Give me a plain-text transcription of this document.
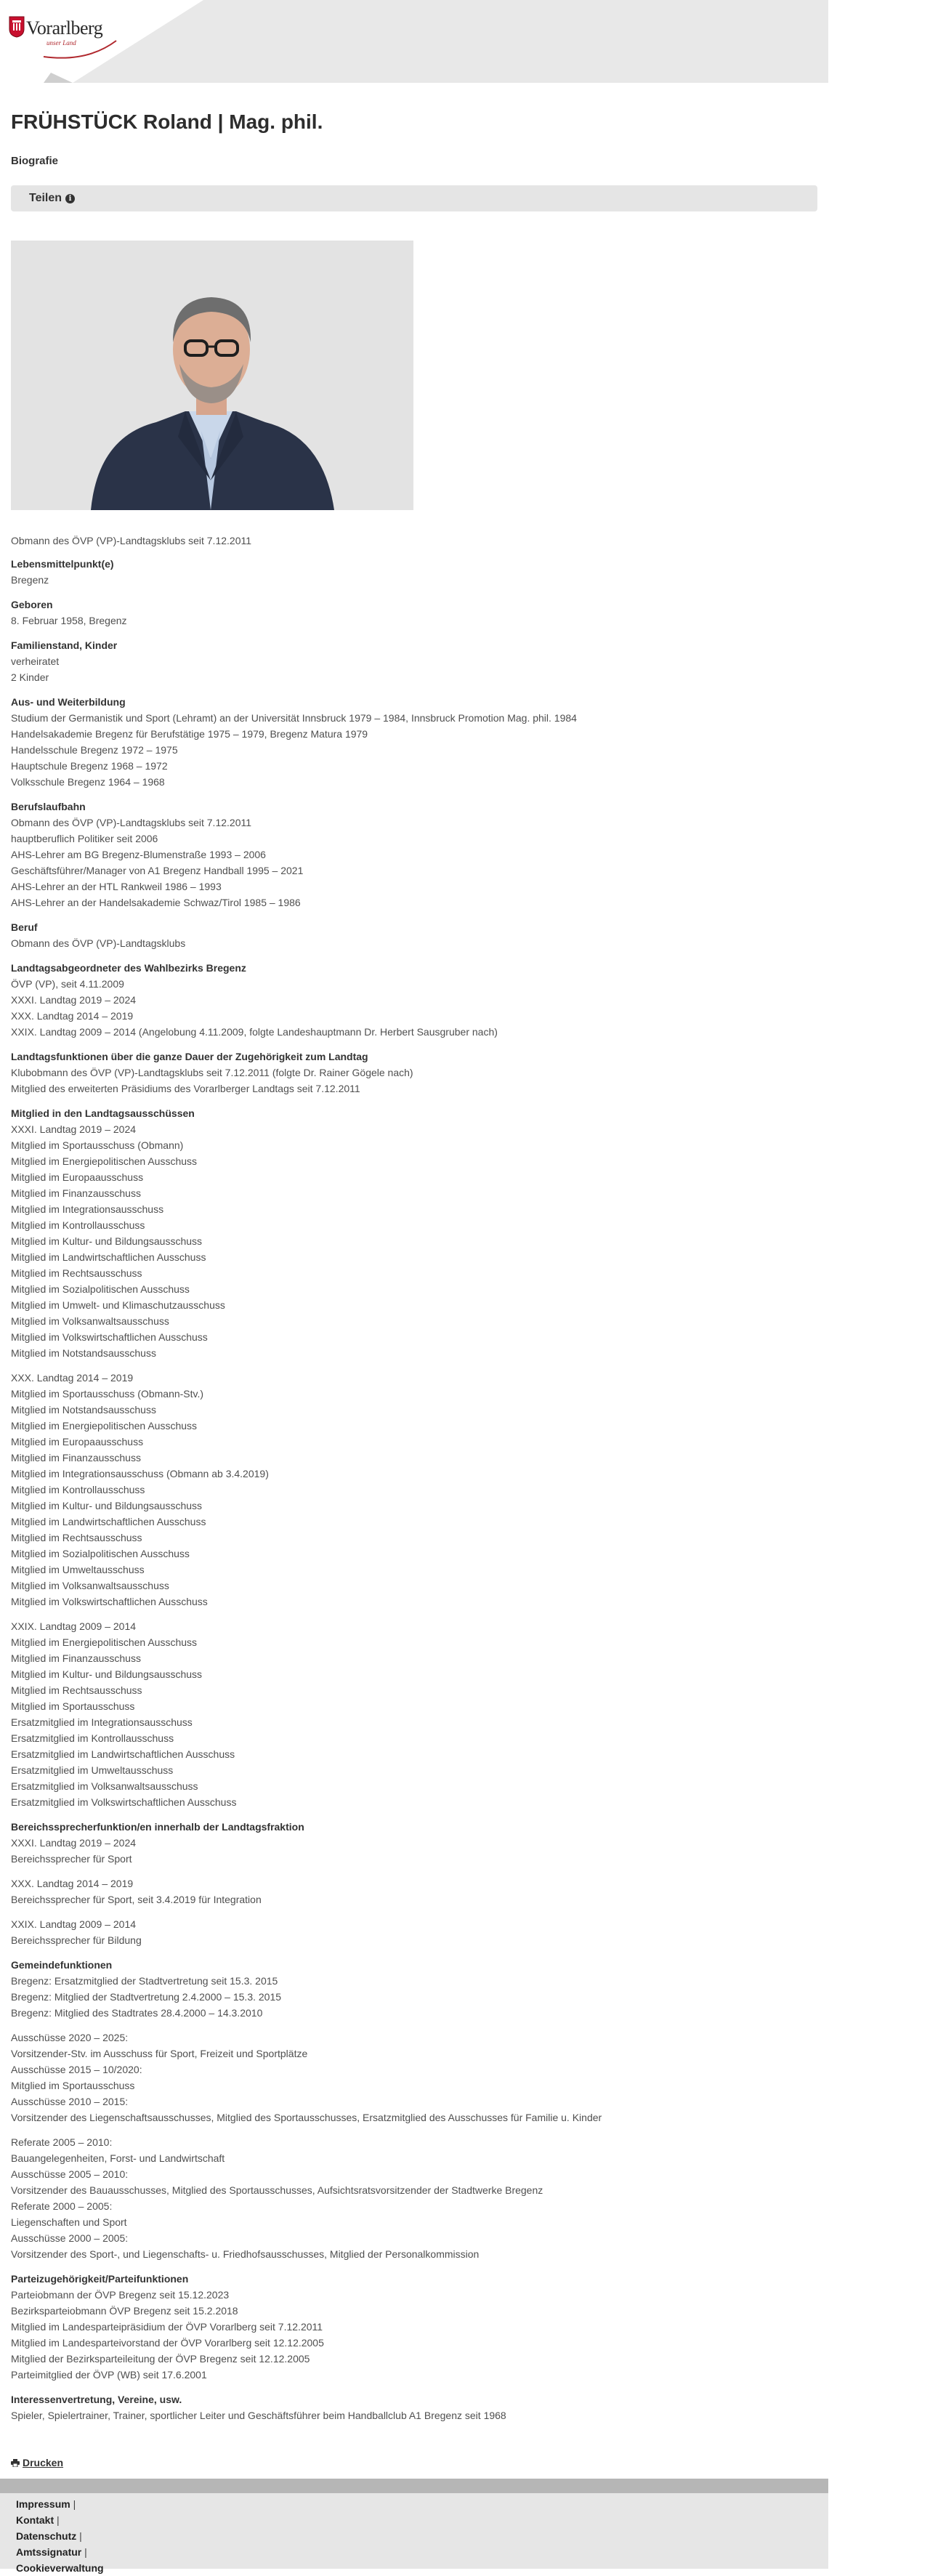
Vorarlberg
unser Land
FRÜHSTÜCK Roland | Mag. phil.
Biografie
Teilen i
Obmann des ÖVP (VP)-Landtagsklubs seit 7.12.2011
Lebensmittelpunkt(e)
Bregenz
Geboren
8. Februar 1958, Bregenz
Familienstand, Kinder
verheiratet
2 Kinder
Aus- und Weiterbildung
Studium der Germanistik und Sport (Lehramt) an der Universität Innsbruck 1979 – 1984, Innsbruck Promotion Mag. phil. 1984
Handelsakademie Bregenz für Berufstätige 1975 – 1979, Bregenz Matura 1979
Handelsschule Bregenz 1972 – 1975
Hauptschule Bregenz 1968 – 1972
Volksschule Bregenz 1964 – 1968
Berufslaufbahn
Obmann des ÖVP (VP)-Landtagsklubs seit 7.12.2011
hauptberuflich Politiker seit 2006
AHS-Lehrer am BG Bregenz-Blumenstraße 1993 – 2006
Geschäftsführer/Manager von A1 Bregenz Handball 1995 – 2021
AHS-Lehrer an der HTL Rankweil 1986 – 1993
AHS-Lehrer an der Handelsakademie Schwaz/Tirol 1985 – 1986
Beruf
Obmann des ÖVP (VP)-Landtagsklubs
Landtagsabgeordneter des Wahlbezirks Bregenz
ÖVP (VP), seit 4.11.2009
XXXI. Landtag 2019 – 2024
XXX. Landtag 2014 – 2019
XXIX. Landtag 2009 – 2014 (Angelobung 4.11.2009, folgte Landeshauptmann Dr. Herbert Sausgruber nach)
Landtagsfunktionen über die ganze Dauer der Zugehörigkeit zum Landtag
Klubobmann des ÖVP (VP)-Landtagsklubs seit 7.12.2011 (folgte Dr. Rainer Gögele nach)
Mitglied des erweiterten Präsidiums des Vorarlberger Landtags seit 7.12.2011
Mitglied in den Landtagsausschüssen
XXXI. Landtag 2019 – 2024
Mitglied im Sportausschuss (Obmann)
Mitglied im Energiepolitischen Ausschuss
Mitglied im Europaausschuss
Mitglied im Finanzausschuss
Mitglied im Integrationsausschuss
Mitglied im Kontrollausschuss
Mitglied im Kultur- und Bildungsausschuss
Mitglied im Landwirtschaftlichen Ausschuss
Mitglied im Rechtsausschuss
Mitglied im Sozialpolitischen Ausschuss
Mitglied im Umwelt- und Klimaschutzausschuss
Mitglied im Volksanwaltsausschuss
Mitglied im Volkswirtschaftlichen Ausschuss
Mitglied im Notstandsausschuss
XXX. Landtag 2014 – 2019
Mitglied im Sportausschuss (Obmann-Stv.)
Mitglied im Notstandsausschuss
Mitglied im Energiepolitischen Ausschuss
Mitglied im Europaausschuss
Mitglied im Finanzausschuss
Mitglied im Integrationsausschuss (Obmann ab 3.4.2019)
Mitglied im Kontrollausschuss
Mitglied im Kultur- und Bildungsausschuss
Mitglied im Landwirtschaftlichen Ausschuss
Mitglied im Rechtsausschuss
Mitglied im Sozialpolitischen Ausschuss
Mitglied im Umweltausschuss
Mitglied im Volksanwaltsausschuss
Mitglied im Volkswirtschaftlichen Ausschuss
XXIX. Landtag 2009 – 2014
Mitglied im Energiepolitischen Ausschuss
Mitglied im Finanzausschuss
Mitglied im Kultur- und Bildungsausschuss
Mitglied im Rechtsausschuss
Mitglied im Sportausschuss
Ersatzmitglied im Integrationsausschuss
Ersatzmitglied im Kontrollausschuss
Ersatzmitglied im Landwirtschaftlichen Ausschuss
Ersatzmitglied im Umweltausschuss
Ersatzmitglied im Volksanwaltsausschuss
Ersatzmitglied im Volkswirtschaftlichen Ausschuss
Bereichssprecherfunktion/en innerhalb der Landtagsfraktion
XXXI. Landtag 2019 – 2024
Bereichssprecher für Sport
XXX. Landtag 2014 – 2019
Bereichssprecher für Sport, seit 3.4.2019 für Integration
XXIX. Landtag 2009 – 2014
Bereichssprecher für Bildung
Gemeindefunktionen
Bregenz: Ersatzmitglied der Stadtvertretung seit 15.3. 2015
Bregenz: Mitglied der Stadtvertretung 2.4.2000 – 15.3. 2015
Bregenz: Mitglied des Stadtrates 28.4.2000 – 14.3.2010
Ausschüsse 2020 – 2025:
Vorsitzender-Stv. im Ausschuss für Sport, Freizeit und Sportplätze
Ausschüsse 2015 – 10/2020:
Mitglied im Sportausschuss
Ausschüsse 2010 – 2015:
Vorsitzender des Liegenschaftsausschusses, Mitglied des Sportausschusses, Ersatzmitglied des Ausschusses für Familie u. Kinder
Referate 2005 – 2010:
Bauangelegenheiten, Forst- und Landwirtschaft
Ausschüsse 2005 – 2010:
Vorsitzender des Bauausschusses, Mitglied des Sportausschusses, Aufsichtsratsvorsitzender der Stadtwerke Bregenz
Referate 2000 – 2005:
Liegenschaften und Sport
Ausschüsse 2000 – 2005:
Vorsitzender des Sport-, und Liegenschafts- u. Friedhofsausschusses, Mitglied der Personalkommission
Parteizugehörigkeit/Parteifunktionen
Parteiobmann der ÖVP Bregenz seit 15.12.2023
Bezirksparteiobmann ÖVP Bregenz seit 15.2.2018
Mitglied im Landesparteipräsidium der ÖVP Vorarlberg seit 7.12.2011
Mitglied im Landesparteivorstand der ÖVP Vorarlberg seit 12.12.2005
Mitglied der Bezirksparteileitung der ÖVP Bregenz seit 12.12.2005
Parteimitglied der ÖVP (WB) seit 17.6.2001
Interessenvertretung, Vereine, usw.
Spieler, Spielertrainer, Trainer, sportlicher Leiter und Geschäftsführer beim Handballclub A1 Bregenz seit 1968
Drucken
Impressum |
Kontakt |
Datenschutz |
Amtssignatur |
Cookieverwaltung
